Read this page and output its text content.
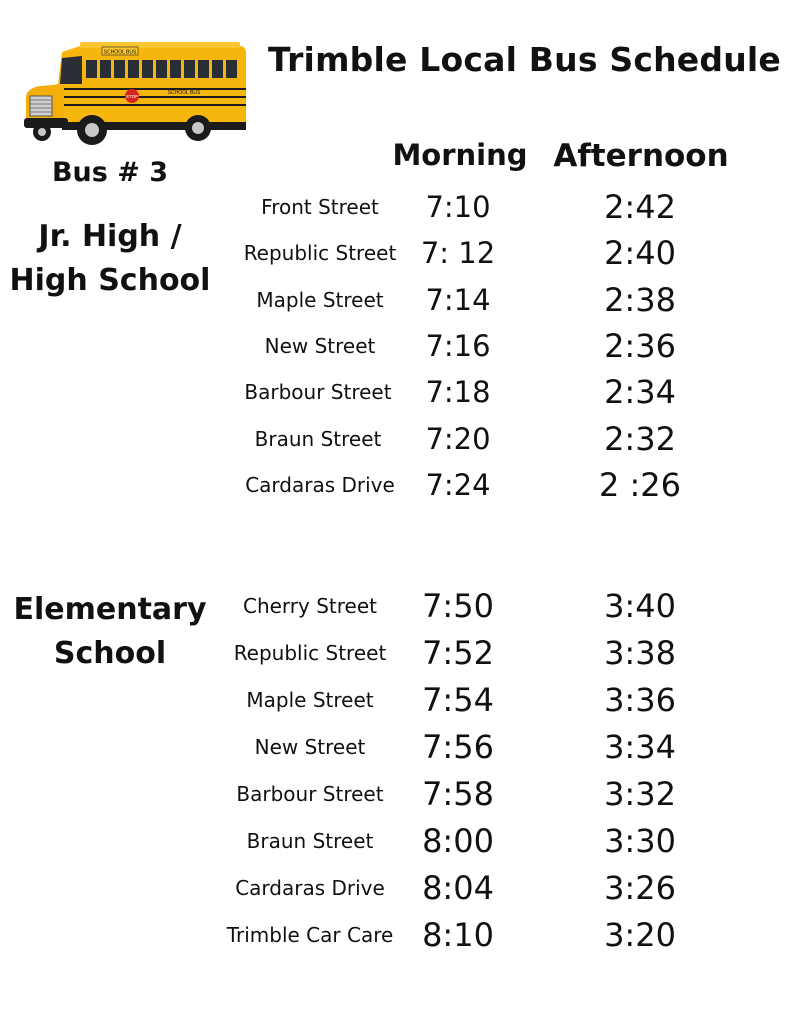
SCHOOL BUS
SCHOOL BUS
STOP
Trimble Local Bus Schedule
Bus # 3
Morning Afternoon
Jr. High /
High School
Front Street	7:10	2:42
Republic Street 7: 12	2:40
Maple Street	7:14	2:38
New Street	7:16	2:36
Barbour Street	7:18	2:34
Braun Street	7:20	2:32
Cardaras Drive	7:24	2 :26
Elementary
School
Cherry Street	7:50	3:40
Republic Street	7:52	3:38
Maple Street	7:54	3:36
New Street	7:56	3:34
Barbour Street	7:58	3:32
Braun Street	8:00	3:30
Cardaras Drive	8:04	3:26
Trimble Car Care 8:10	3:20
